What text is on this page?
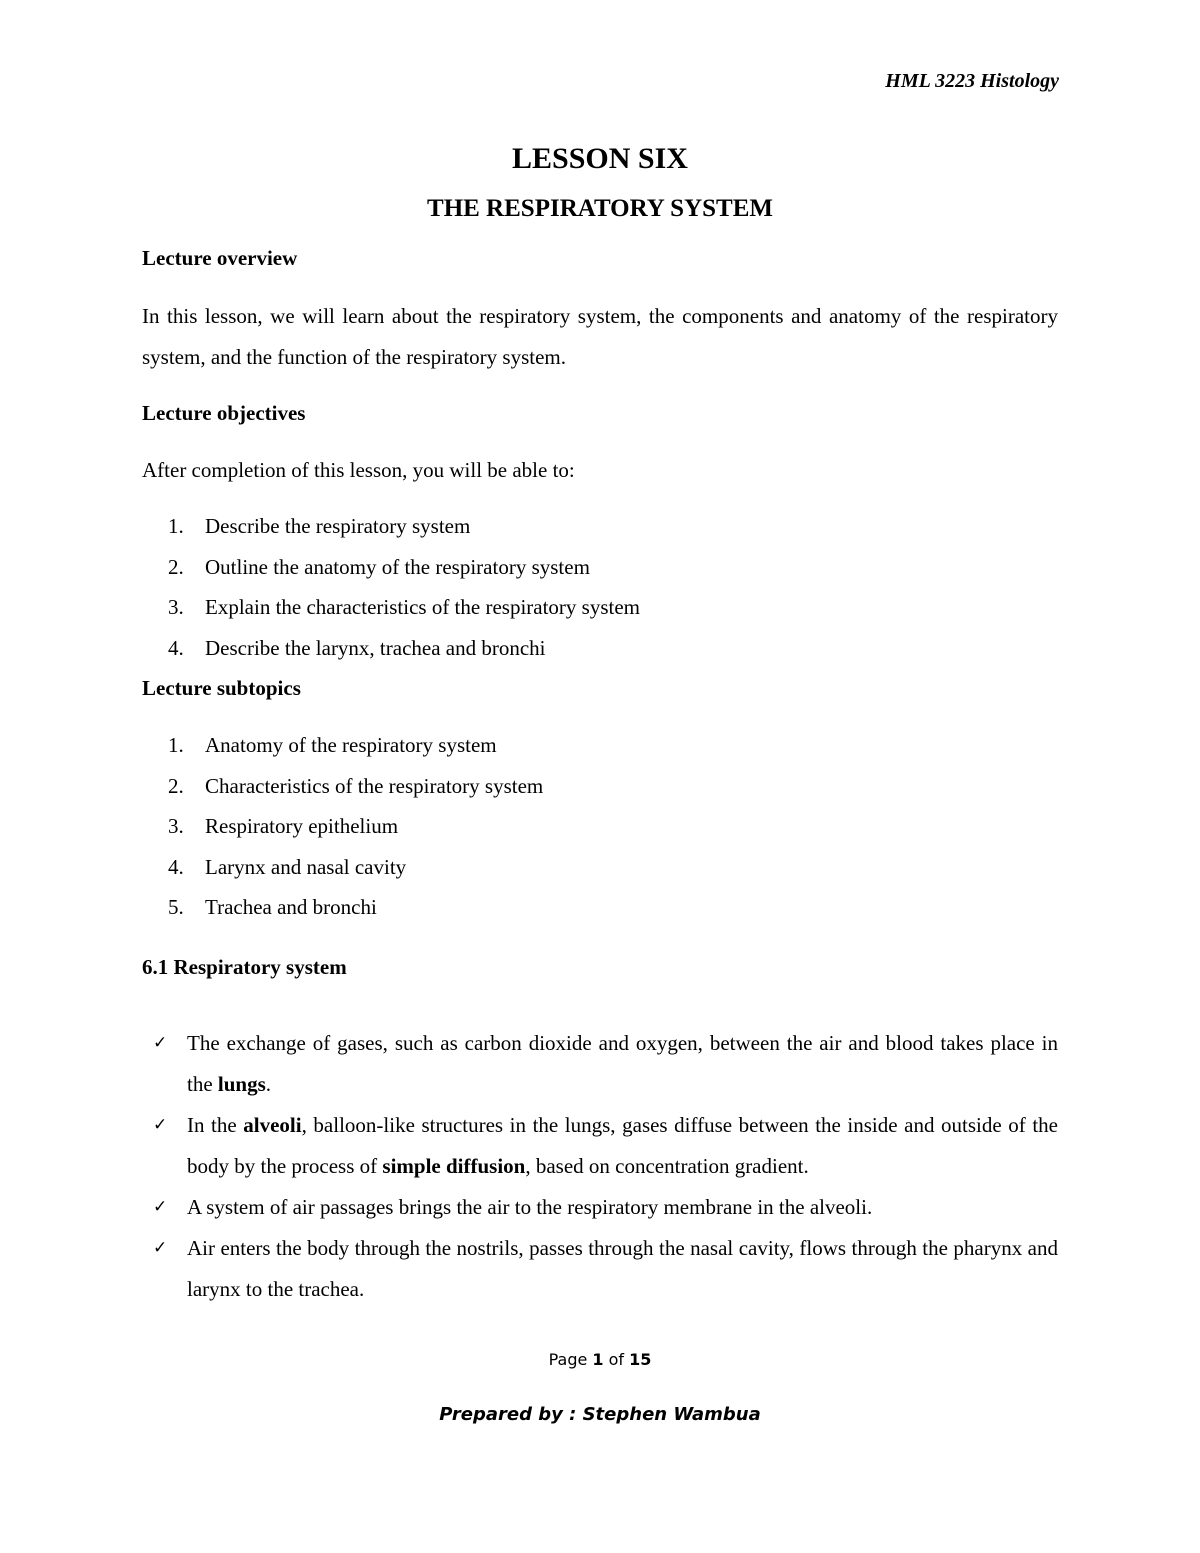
HML 3223 Histology
LESSON SIX
THE RESPIRATORY SYSTEM
Lecture overview
In this lesson, we will learn about the respiratory system, the components and anatomy of the respiratory system, and the function of the respiratory system.
Lecture objectives
After completion of this lesson, you will be able to:
1. Describe the respiratory system
2. Outline the anatomy of the respiratory system
3. Explain the characteristics of the respiratory system
4. Describe the larynx, trachea and bronchi
Lecture subtopics
1. Anatomy of the respiratory system
2. Characteristics of the respiratory system
3. Respiratory epithelium
4. Larynx and nasal cavity
5. Trachea and bronchi
6.1 Respiratory system
✓ The exchange of gases, such as carbon dioxide and oxygen, between the air and blood takes place in the lungs.
✓ In the alveoli, balloon-like structures in the lungs, gases diffuse between the inside and outside of the body by the process of simple diffusion, based on concentration gradient.
✓ A system of air passages brings the air to the respiratory membrane in the alveoli.
✓ Air enters the body through the nostrils, passes through the nasal cavity, flows through the pharynx and larynx to the trachea.
Page 1 of 15
Prepared by : Stephen Wambua
